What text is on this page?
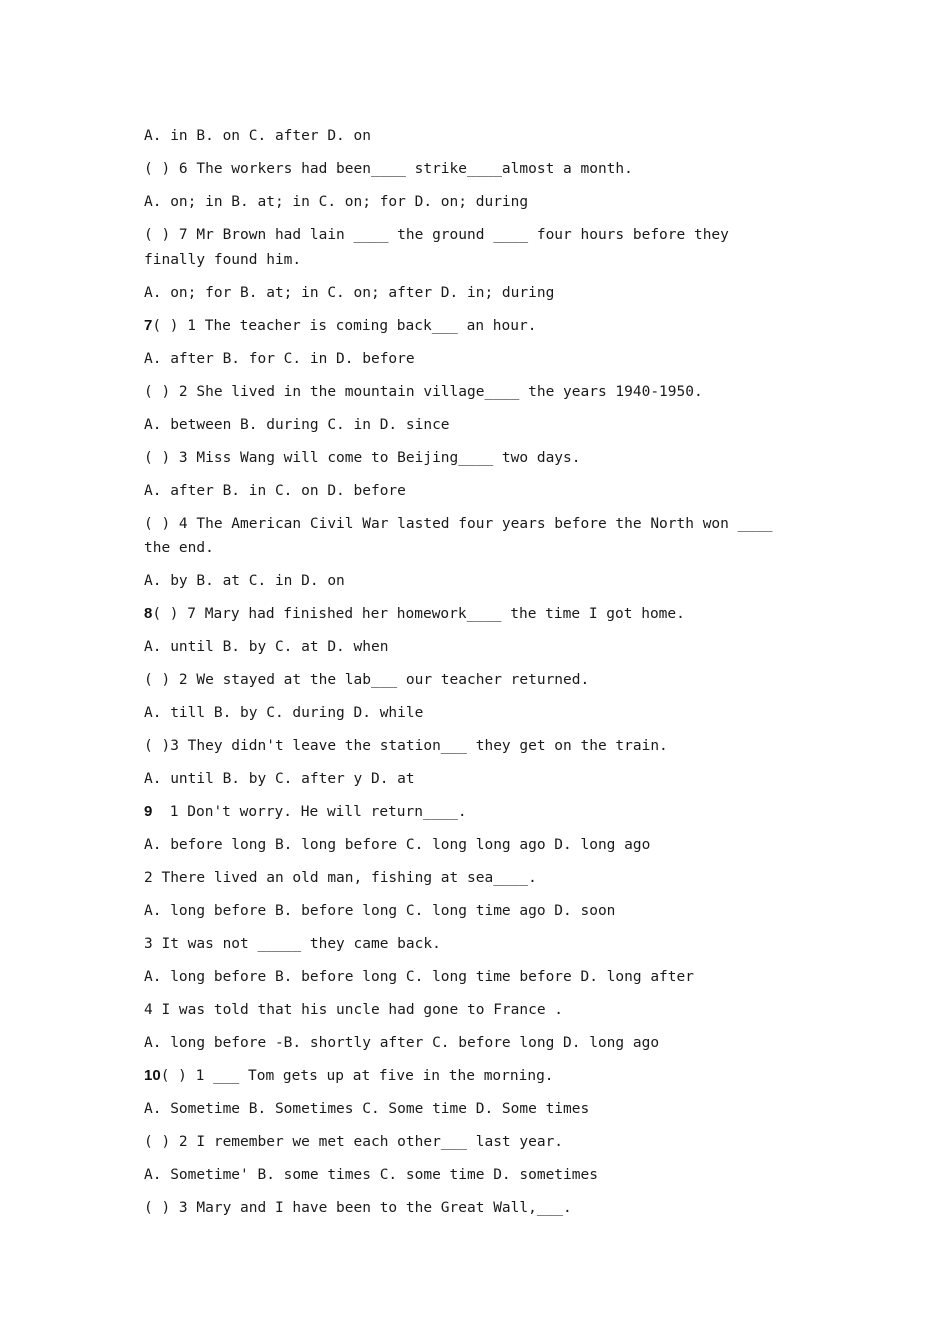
A. in B. on C. after D. on
( ) 6 The workers had been____ strike____almost a month.
A. on; in B. at; in C. on; for D. on; during
( ) 7 Mr Brown had lain ____ the ground ____ four hours before they finally found him.
A. on; for B. at; in C. on; after D. in; during
7( ) 1 The teacher is coming back___ an hour.
A. after B. for C. in D. before
( ) 2 She lived in the mountain village____ the years 1940-1950.
A. between B. during C. in D. since
( ) 3 Miss Wang will come to Beijing____ two days.
A. after B. in C. on D. before
( ) 4 The American Civil War lasted four years before the North won ____ the end.
A. by B. at C. in D. on
8( ) 7 Mary had finished her homework____ the time I got home.
A. until B. by C. at D. when
( ) 2 We stayed at the lab___ our teacher returned.
A. till B. by C. during D. while
( )3 They didn't leave the station___ they get on the train.
A. until B. by C. after y D. at
9  1 Don't worry. He will return____.
A. before long B. long before C. long long ago D. long ago
2 There lived an old man, fishing at sea____.
A. long before B. before long C. long time ago D. soon
3 It was not _____ they came back.
A. long before B. before long C. long time before D. long after
4 I was told that his uncle had gone to France .
A. long before -B. shortly after C. before long D. long ago
10( ) 1 ___ Tom gets up at five in the morning.
A. Sometime B. Sometimes C. Some time D. Some times
( ) 2 I remember we met each other___ last year.
A. Sometime' B. some times C. some time D. sometimes
( ) 3 Mary and I have been to the Great Wall,___.
